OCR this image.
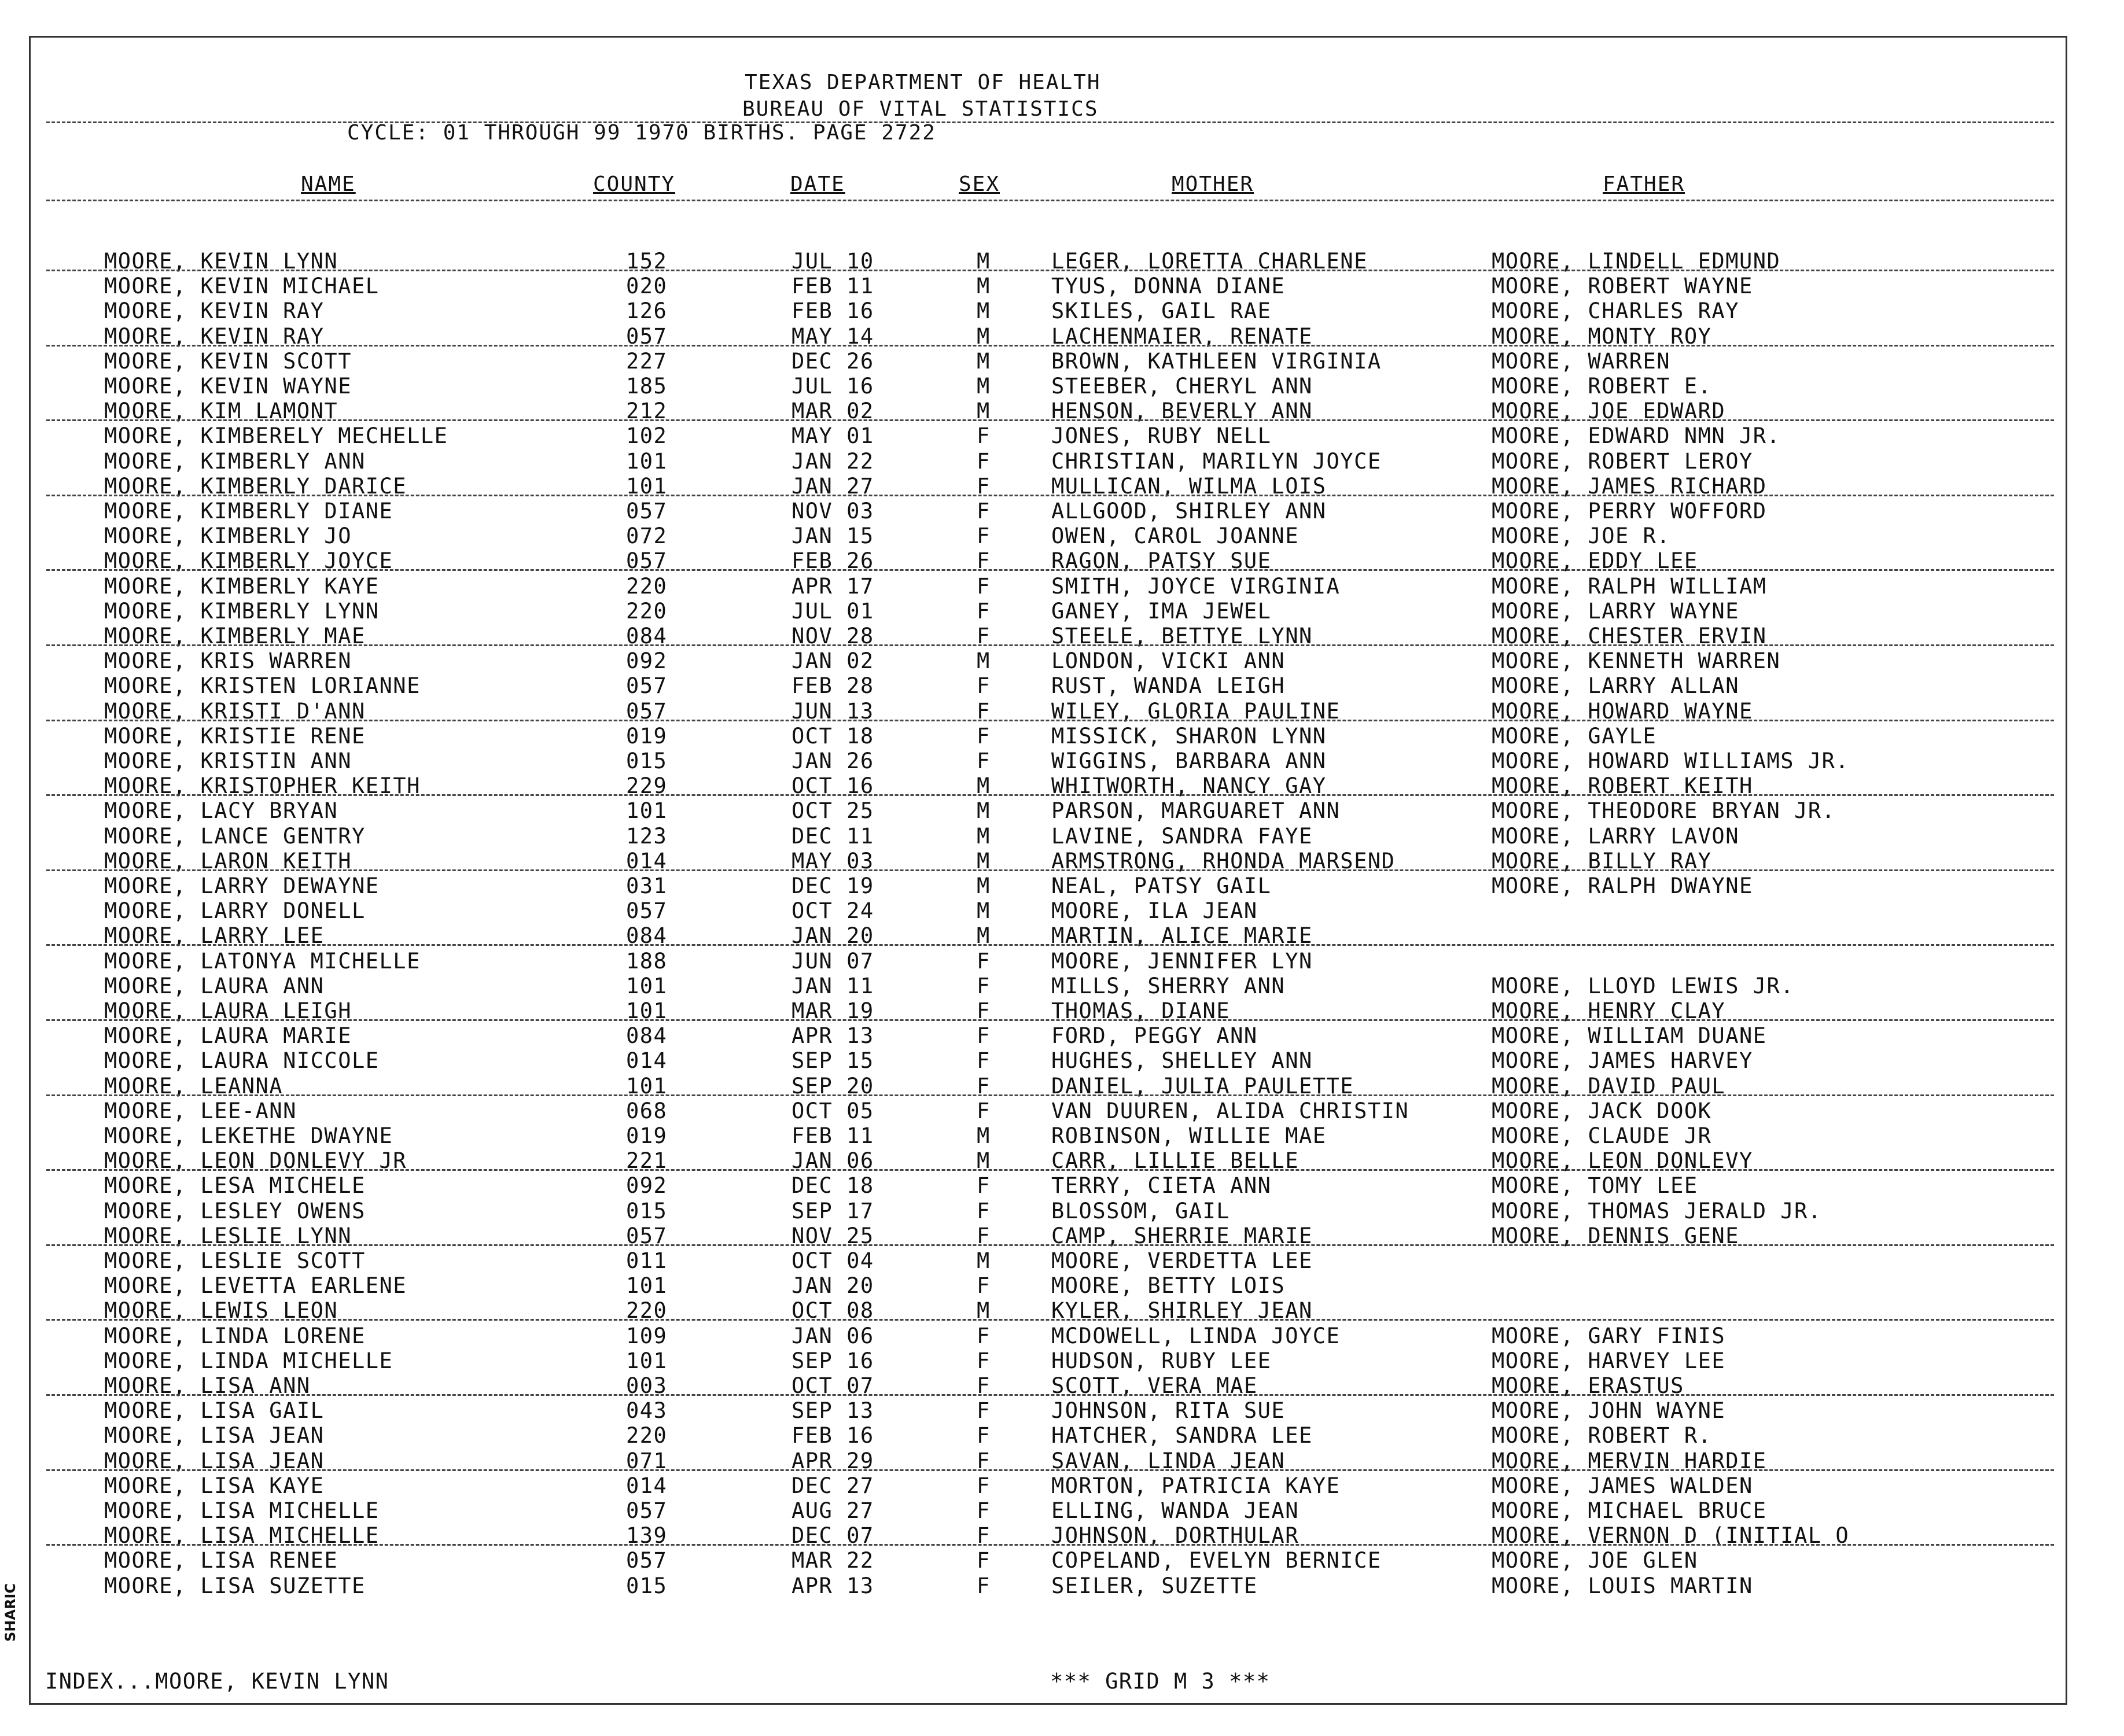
TEXAS DEPARTMENT OF HEALTH
BUREAU OF VITAL STATISTICS
CYCLE: 01 THROUGH 99 1970 BIRTHS. PAGE 2722
NAME	COUNTY	DATE	SEX	MOTHER	FATHER
MOORE, KEVIN LYNN	152	JUL 10	M	LEGER, LORETTA CHARLENE	MOORE, LINDELL EDMUND
MOORE, KEVIN MICHAEL	020	FEB 11	M	TYUS, DONNA DIANE	MOORE, ROBERT WAYNE
MOORE, KEVIN RAY	126	FEB 16	M	SKILES, GAIL RAE	MOORE, CHARLES RAY
MOORE, KEVIN RAY	057	MAY 14	M	LACHENMAIER, RENATE	MOORE, MONTY ROY
MOORE, KEVIN SCOTT	227	DEC 26	M	BROWN, KATHLEEN VIRGINIA	MOORE, WARREN
MOORE, KEVIN WAYNE	185	JUL 16	M	STEEBER, CHERYL ANN	MOORE, ROBERT E.
MOORE, KIM LAMONT	212	MAR 02	M	HENSON, BEVERLY ANN	MOORE, JOE EDWARD
MOORE, KIMBERELY MECHELLE	102	MAY 01	F	JONES, RUBY NELL	MOORE, EDWARD NMN JR.
MOORE, KIMBERLY ANN	101	JAN 22	F	CHRISTIAN, MARILYN JOYCE	MOORE, ROBERT LEROY
MOORE, KIMBERLY DARICE	101	JAN 27	F	MULLICAN, WILMA LOIS	MOORE, JAMES RICHARD
MOORE, KIMBERLY DIANE	057	NOV 03	F	ALLGOOD, SHIRLEY ANN	MOORE, PERRY WOFFORD
MOORE, KIMBERLY JO	072	JAN 15	F	OWEN, CAROL JOANNE	MOORE, JOE R.
MOORE, KIMBERLY JOYCE	057	FEB 26	F	RAGON, PATSY SUE	MOORE, EDDY LEE
MOORE, KIMBERLY KAYE	220	APR 17	F	SMITH, JOYCE VIRGINIA	MOORE, RALPH WILLIAM
MOORE, KIMBERLY LYNN	220	JUL 01	F	GANEY, IMA JEWEL	MOORE, LARRY WAYNE
MOORE, KIMBERLY MAE	084	NOV 28	F	STEELE, BETTYE LYNN	MOORE, CHESTER ERVIN
MOORE, KRIS WARREN	092	JAN 02	M	LONDON, VICKI ANN	MOORE, KENNETH WARREN
MOORE, KRISTEN LORIANNE	057	FEB 28	F	RUST, WANDA LEIGH	MOORE, LARRY ALLAN
MOORE, KRISTI D'ANN	057	JUN 13	F	WILEY, GLORIA PAULINE	MOORE, HOWARD WAYNE
MOORE, KRISTIE RENE	019	OCT 18	F	MISSICK, SHARON LYNN	MOORE, GAYLE
MOORE, KRISTIN ANN	015	JAN 26	F	WIGGINS, BARBARA ANN	MOORE, HOWARD WILLIAMS JR.
MOORE, KRISTOPHER KEITH	229	OCT 16	M	WHITWORTH, NANCY GAY	MOORE, ROBERT KEITH
MOORE, LACY BRYAN	101	OCT 25	M	PARSON, MARGUARET ANN	MOORE, THEODORE BRYAN JR.
MOORE, LANCE GENTRY	123	DEC 11	M	LAVINE, SANDRA FAYE	MOORE, LARRY LAVON
MOORE, LARON KEITH	014	MAY 03	M	ARMSTRONG, RHONDA MARSEND	MOORE, BILLY RAY
MOORE, LARRY DEWAYNE	031	DEC 19	M	NEAL, PATSY GAIL	MOORE, RALPH DWAYNE
MOORE, LARRY DONELL	057	OCT 24	M	MOORE, ILA JEAN
MOORE, LARRY LEE	084	JAN 20	M	MARTIN, ALICE MARIE
MOORE, LATONYA MICHELLE	188	JUN 07	F	MOORE, JENNIFER LYN
MOORE, LAURA ANN	101	JAN 11	F	MILLS, SHERRY ANN	MOORE, LLOYD LEWIS JR.
MOORE, LAURA LEIGH	101	MAR 19	F	THOMAS, DIANE	MOORE, HENRY CLAY
MOORE, LAURA MARIE	084	APR 13	F	FORD, PEGGY ANN	MOORE, WILLIAM DUANE
MOORE, LAURA NICCOLE	014	SEP 15	F	HUGHES, SHELLEY ANN	MOORE, JAMES HARVEY
MOORE, LEANNA	101	SEP 20	F	DANIEL, JULIA PAULETTE	MOORE, DAVID PAUL
MOORE, LEE-ANN	068	OCT 05	F	VAN DUUREN, ALIDA CHRISTIN	MOORE, JACK DOOK
MOORE, LEKETHE DWAYNE	019	FEB 11	M	ROBINSON, WILLIE MAE	MOORE, CLAUDE JR
MOORE, LEON DONLEVY JR	221	JAN 06	M	CARR, LILLIE BELLE	MOORE, LEON DONLEVY
MOORE, LESA MICHELE	092	DEC 18	F	TERRY, CIETA ANN	MOORE, TOMY LEE
MOORE, LESLEY OWENS	015	SEP 17	F	BLOSSOM, GAIL	MOORE, THOMAS JERALD JR.
MOORE, LESLIE LYNN	057	NOV 25	F	CAMP, SHERRIE MARIE	MOORE, DENNIS GENE
MOORE, LESLIE SCOTT	011	OCT 04	M	MOORE, VERDETTA LEE
MOORE, LEVETTA EARLENE	101	JAN 20	F	MOORE, BETTY LOIS
MOORE, LEWIS LEON	220	OCT 08	M	KYLER, SHIRLEY JEAN
MOORE, LINDA LORENE	109	JAN 06	F	MCDOWELL, LINDA JOYCE	MOORE, GARY FINIS
MOORE, LINDA MICHELLE	101	SEP 16	F	HUDSON, RUBY LEE	MOORE, HARVEY LEE
MOORE, LISA ANN	003	OCT 07	F	SCOTT, VERA MAE	MOORE, ERASTUS
MOORE, LISA GAIL	043	SEP 13	F	JOHNSON, RITA SUE	MOORE, JOHN WAYNE
MOORE, LISA JEAN	220	FEB 16	F	HATCHER, SANDRA LEE	MOORE, ROBERT R.
MOORE, LISA JEAN	071	APR 29	F	SAVAN, LINDA JEAN	MOORE, MERVIN HARDIE
MOORE, LISA KAYE	014	DEC 27	F	MORTON, PATRICIA KAYE	MOORE, JAMES WALDEN
MOORE, LISA MICHELLE	057	AUG 27	F	ELLING, WANDA JEAN	MOORE, MICHAEL BRUCE
MOORE, LISA MICHELLE	139	DEC 07	F	JOHNSON, DORTHULAR	MOORE, VERNON D (INITIAL O
MOORE, LISA RENEE	057	MAR 22	F	COPELAND, EVELYN BERNICE	MOORE, JOE GLEN
MOORE, LISA SUZETTE	015	APR 13	F	SEILER, SUZETTE	MOORE, LOUIS MARTIN
INDEX...MOORE, KEVIN LYNN	*** GRID M 3 ***
SHARIC
